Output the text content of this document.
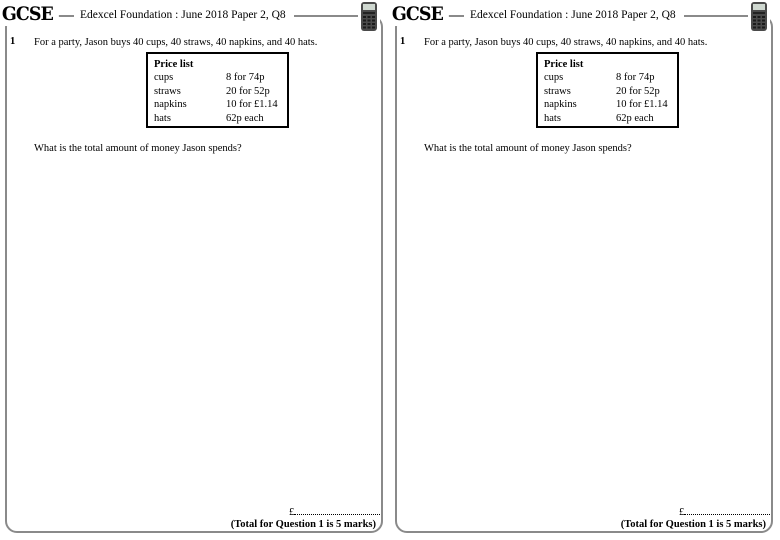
GCSE	Edexcel Foundation : June 2018 Paper 2, Q8
1 For a party, Jason buys 40 cups, 40 straws, 40 napkins, and 40 hats.
Price list
cups	8 for 74p
straws	20 for 52p
napkins	10 for £1.14
hats	62p each
What is the total amount of money Jason spends?
£
(Total for Question 1 is 5 marks)
GCSE	Edexcel Foundation : June 2018 Paper 2, Q8
1 For a party, Jason buys 40 cups, 40 straws, 40 napkins, and 40 hats.
Price list
cups	8 for 74p
straws	20 for 52p
napkins	10 for £1.14
hats	62p each
What is the total amount of money Jason spends?
£
(Total for Question 1 is 5 marks)
